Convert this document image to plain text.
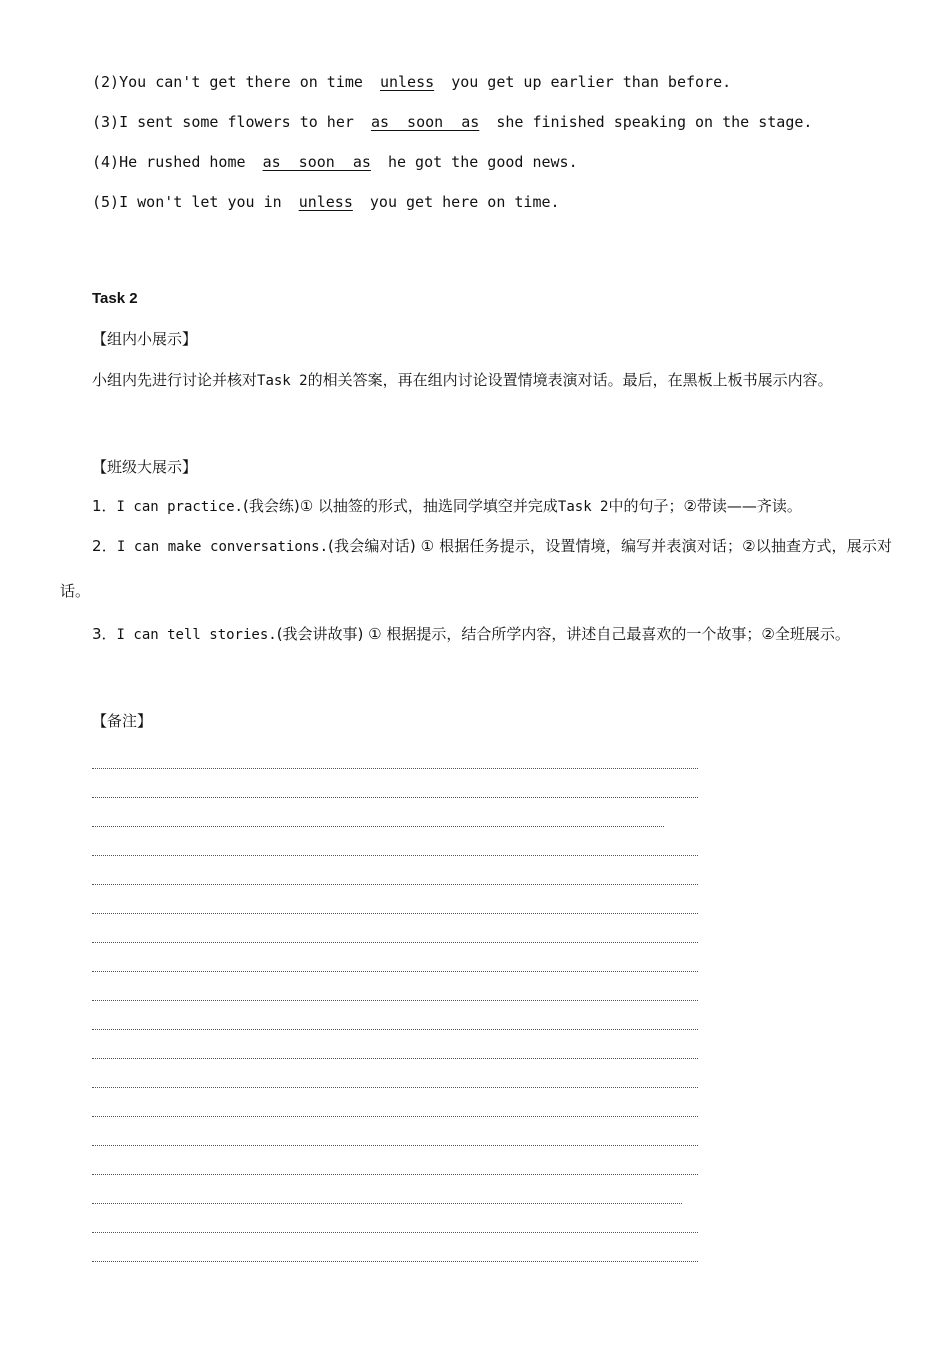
(2)You can't get there on time unless you get up earlier than before.
(3)I sent some flowers to her as  soon  as she finished speaking on the stage.
(4)He rushed home as  soon  as he got the good news.
(5)I won't let you in unless you get here on time.
Task 2
【组内小展示】
小组内先进行讨论并核对Task 2的相关答案，再在组内讨论设置情境表演对话。最后，在黑板上板书展示内容。
【班级大展示】
1．I can practice.(我会练)① 以抽签的形式，抽选同学填空并完成Task 2中的句子；②带读——齐读。
2．I can make conversations.(我会编对话) ① 根据任务提示，设置情境，编写并表演对话；②以抽查方式，展示对话。
3．I can tell stories.(我会讲故事) ① 根据提示，结合所学内容，讲述自己最喜欢的一个故事；②全班展示。
【备注】
